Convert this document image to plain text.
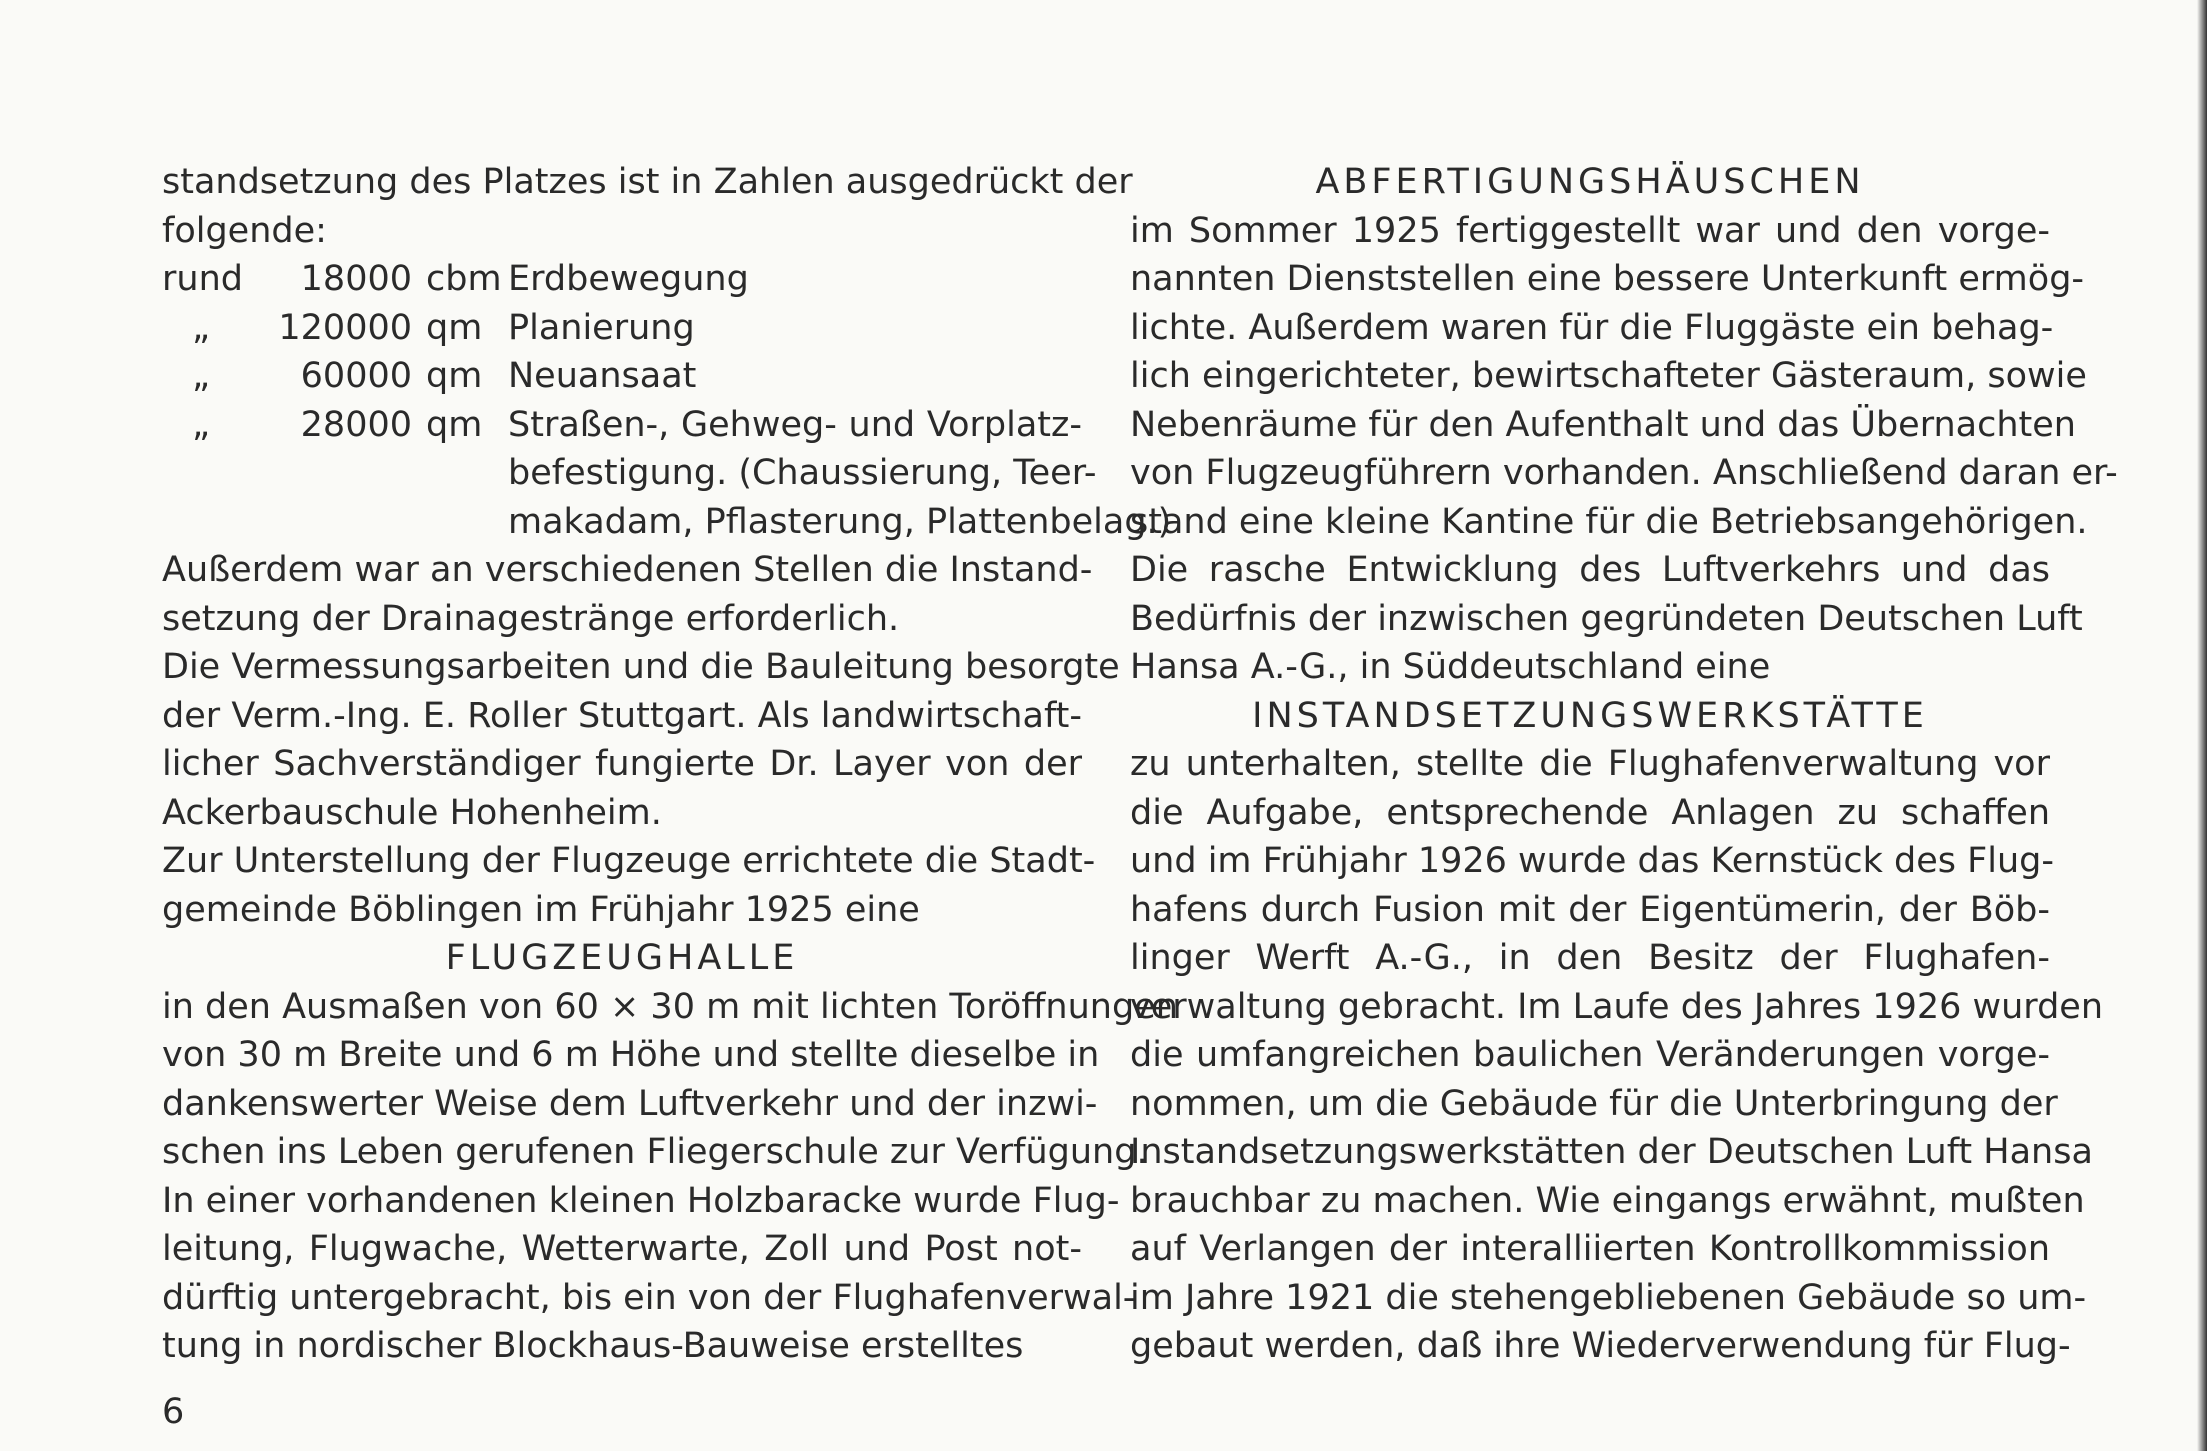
standsetzung des Platzes ist in Zahlen ausgedrückt der
folgende:
rund	18000 cbm Erdbewegung
„	120000 qm Planierung
„	60000 qm Neuansaat
„	28000 qm Straßen-, Gehweg- und Vorplatz-
befestigung. (Chaussierung, Teer-
makadam, Pflasterung, Plattenbelag.)
Außerdem war an verschiedenen Stellen die Instand-
setzung der Drainagestränge erforderlich.
Die Vermessungsarbeiten und die Bauleitung besorgte
der Verm.-Ing. E. Roller Stuttgart. Als landwirtschaft-
licher Sachverständiger fungierte Dr. Layer von der
Ackerbauschule Hohenheim.
Zur Unterstellung der Flugzeuge errichtete die Stadt-
gemeinde Böblingen im Frühjahr 1925 eine
FLUGZEUGHALLE
in den Ausmaßen von 60 × 30 m mit lichten Toröffnungen
von 30 m Breite und 6 m Höhe und stellte dieselbe in
dankenswerter Weise dem Luftverkehr und der inzwi-
schen ins Leben gerufenen Fliegerschule zur Verfügung.
In einer vorhandenen kleinen Holzbaracke wurde Flug-
leitung, Flugwache, Wetterwarte, Zoll und Post not-
dürftig untergebracht, bis ein von der Flughafenverwal-
tung in nordischer Blockhaus-Bauweise erstelltes
ABFERTIGUNGSHÄUSCHEN
im Sommer 1925 fertiggestellt war und den vorge-
nannten Dienststellen eine bessere Unterkunft ermög-
lichte. Außerdem waren für die Fluggäste ein behag-
lich eingerichteter, bewirtschafteter Gästeraum, sowie
Nebenräume für den Aufenthalt und das Übernachten
von Flugzeugführern vorhanden. Anschließend daran er-
stand eine kleine Kantine für die Betriebsangehörigen.
Die rasche Entwicklung des Luftverkehrs und das
Bedürfnis der inzwischen gegründeten Deutschen Luft
Hansa A.-G., in Süddeutschland eine
INSTANDSETZUNGSWERKSTÄTTE
zu unterhalten, stellte die Flughafenverwaltung vor
die Aufgabe, entsprechende Anlagen zu schaffen
und im Frühjahr 1926 wurde das Kernstück des Flug-
hafens durch Fusion mit der Eigentümerin, der Böb-
linger Werft A.-G., in den Besitz der Flughafen-
verwaltung gebracht. Im Laufe des Jahres 1926 wurden
die umfangreichen baulichen Veränderungen vorge-
nommen, um die Gebäude für die Unterbringung der
Instandsetzungswerkstätten der Deutschen Luft Hansa
brauchbar zu machen. Wie eingangs erwähnt, mußten
auf Verlangen der interalliierten Kontrollkommission
im Jahre 1921 die stehengebliebenen Gebäude so um-
gebaut werden, daß ihre Wiederverwendung für Flug-
6
